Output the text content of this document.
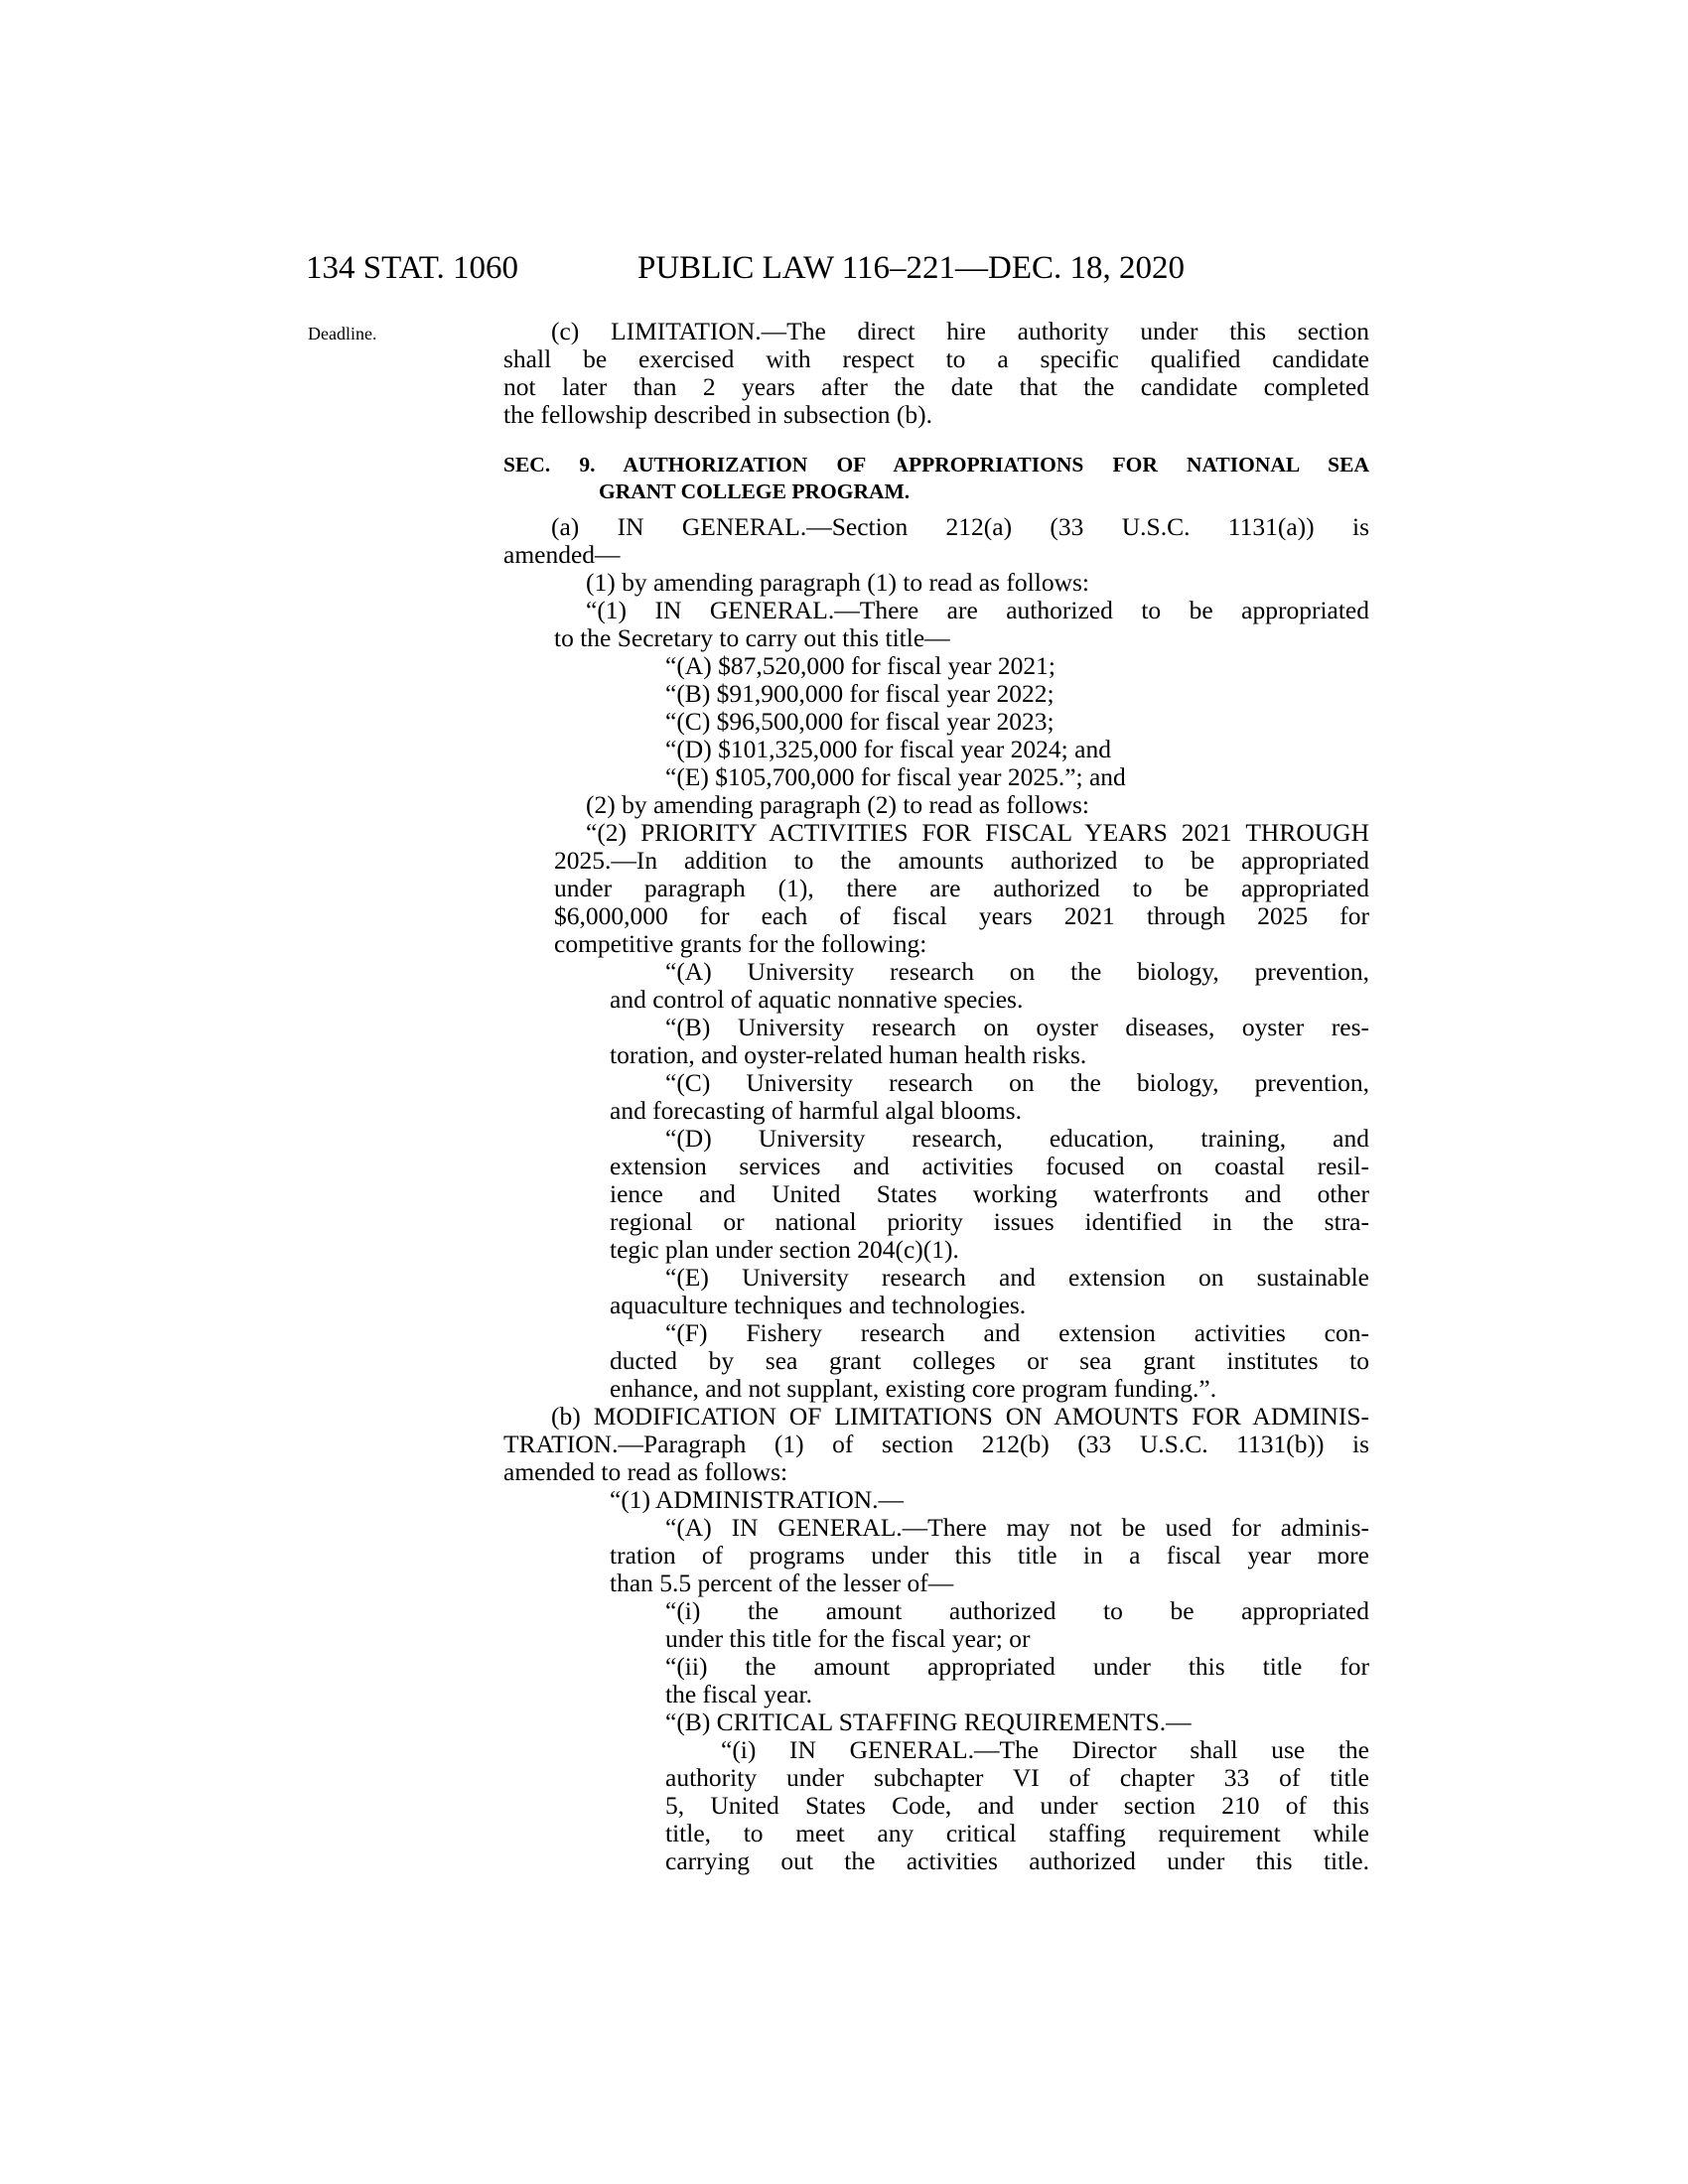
134 STAT. 1060	PUBLIC LAW 116–221—DEC. 18, 2020
Deadline.	(c) LIMITATION.—The direct hire authority under this section
shall be exercised with respect to a specific qualified candidate
not later than 2 years after the date that the candidate completed
the fellowship described in subsection (b).
SEC. 9. AUTHORIZATION OF APPROPRIATIONS FOR NATIONAL SEA
GRANT COLLEGE PROGRAM.
(a) IN GENERAL.—Section 212(a) (33 U.S.C. 1131(a)) is
amended—
(1) by amending paragraph (1) to read as follows:
“(1) IN GENERAL.—There are authorized to be appropriated
to the Secretary to carry out this title—
“(A) $87,520,000 for fiscal year 2021;
“(B) $91,900,000 for fiscal year 2022;
“(C) $96,500,000 for fiscal year 2023;
“(D) $101,325,000 for fiscal year 2024; and
“(E) $105,700,000 for fiscal year 2025.”; and
(2) by amending paragraph (2) to read as follows:
“(2) PRIORITY ACTIVITIES FOR FISCAL YEARS 2021 THROUGH
2025.—In addition to the amounts authorized to be appropriated
under paragraph (1), there are authorized to be appropriated
$6,000,000 for each of fiscal years 2021 through 2025 for
competitive grants for the following:
“(A) University research on the biology, prevention,
and control of aquatic nonnative species.
“(B) University research on oyster diseases, oyster res-
toration, and oyster-related human health risks.
“(C) University research on the biology, prevention,
and forecasting of harmful algal blooms.
“(D) University research, education, training, and
extension services and activities focused on coastal resil-
ience and United States working waterfronts and other
regional or national priority issues identified in the stra-
tegic plan under section 204(c)(1).
“(E) University research and extension on sustainable
aquaculture techniques and technologies.
“(F) Fishery research and extension activities con-
ducted by sea grant colleges or sea grant institutes to
enhance, and not supplant, existing core program funding.”.
(b) MODIFICATION OF LIMITATIONS ON AMOUNTS FOR ADMINIS-
TRATION.—Paragraph (1) of section 212(b) (33 U.S.C. 1131(b)) is
amended to read as follows:
“(1) ADMINISTRATION.—
“(A) IN GENERAL.—There may not be used for adminis-
tration of programs under this title in a fiscal year more
than 5.5 percent of the lesser of—
“(i) the amount authorized to be appropriated
under this title for the fiscal year; or
“(ii) the amount appropriated under this title for
the fiscal year.
“(B) CRITICAL STAFFING REQUIREMENTS.—
“(i) IN GENERAL.—The Director shall use the
authority under subchapter VI of chapter 33 of title
5, United States Code, and under section 210 of this
title, to meet any critical staffing requirement while
carrying out the activities authorized under this title.
